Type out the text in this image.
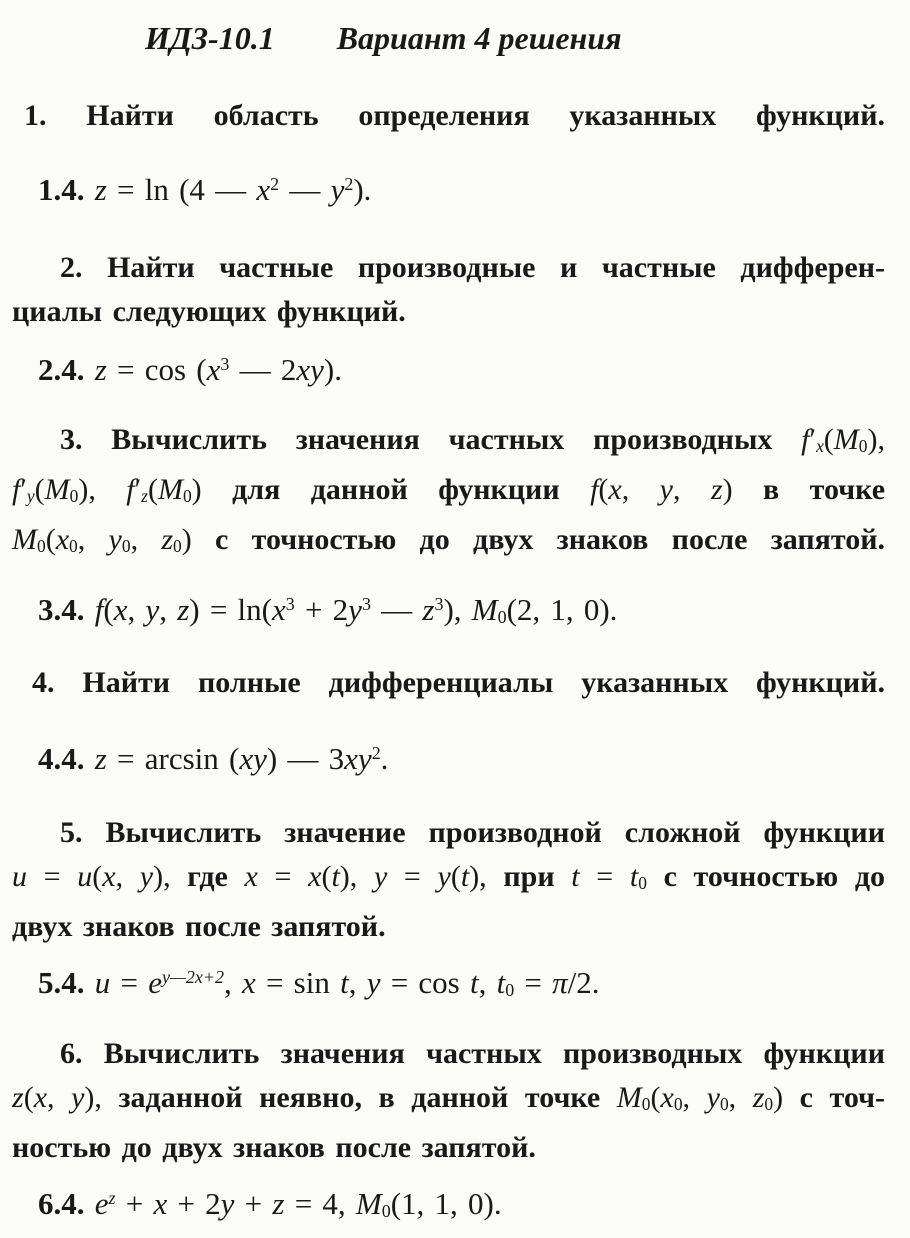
ИДЗ-10.1 Вариант 4 решения
1. Найти область определения указанных функций.
1.4. z = ln (4 — $x^2$ — $y^2$).
2. Найти частные производные и частные дифферен-
циалы следующих функций.
2.4. $z = \cos (x^3$ — 2xy).
3. Вычислить значения частных производных f′x(M0),
f′y(M0), f′z(M0) для данной функции f(x, y, z) в точке
M0(x0, y0, z0) с точностью до двух знаков после запятой.
3.4. f(x, y, $z) = \ln(x^3 + 2y^3$ — $z^3$), M0(2, 1, 0).
4. Найти полные дифференциалы указанных функций.
4.4. z = arcsin (xy) — $3xy^2$.
5. Вычислить значение производной сложной функции
u = u(x, y), где x = x(t), y = y(t), при t = t0 с точностью до
двух знаков после запятой.
5.4. $u = e^{y—2x+2}$, x = sin t, y = cos t, t0 = π/2.
6. Вычислить значения частных производных функции
z(x, y), заданной неявно, в данной точке M0(x0, y0, z0) с точ-
ностью до двух знаков после запятой.
6.4. $e^z + x + 2y + z = 4$, M0(1, 1, 0).
